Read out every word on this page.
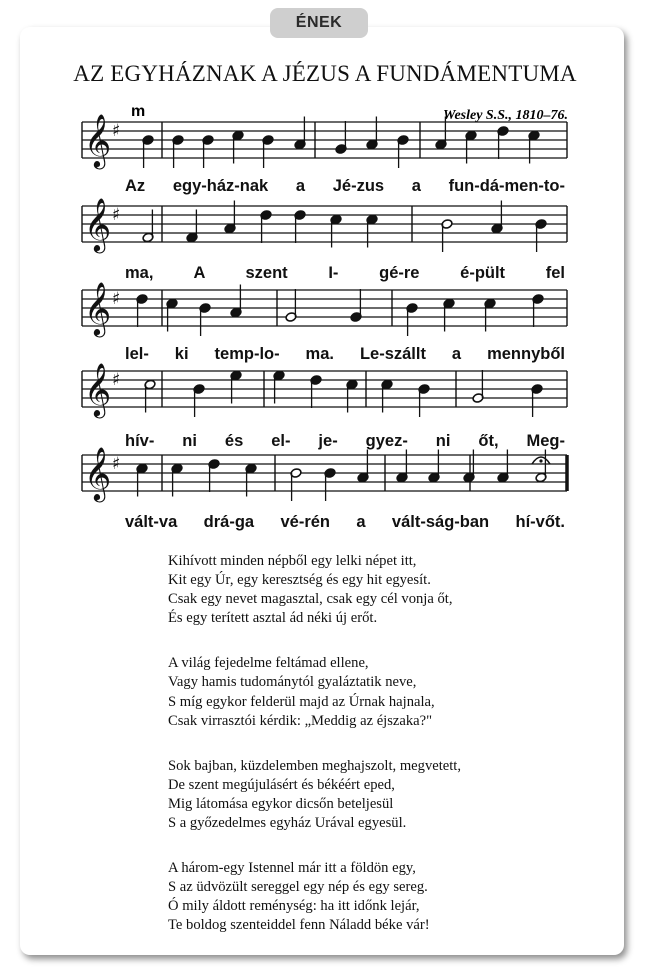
ÉNEK
AZ EGYHÁZNAK A JÉZUS A FUNDÁMENTUMA
m	Wesley S.S., 1810–76.
𝄞 ♯
𝄞 ♯
𝄞 ♯
𝄞 ♯
𝄞 ♯
Az egy-ház-nak a Jé-zus a fun-dá-men-to-
ma, A szent I- gé-re é-pült fel
lel- ki temp-lo- ma. Le-szállt a mennyből
hív- ni és el- je- gyez- ni őt, Meg-
vált-va drá-ga vé-rén a vált-ság-ban hí-vőt.
Kihívott minden népből egy lelki népet itt,
Kit egy Úr, egy keresztség és egy hit egyesít.
Csak egy nevet magasztal, csak egy cél vonja őt,
És egy terített asztal ád néki új erőt.
A világ fejedelme feltámad ellene,
Vagy hamis tudománytól gyaláztatik neve,
S míg egykor felderül majd az Úrnak hajnala,
Csak virrasztói kérdik: „Meddig az éjszaka?"
Sok bajban, küzdelemben meghajszolt, megvetett,
De szent megújulásért és békéért eped,
Mig látomása egykor dicsőn beteljesül
S a győzedelmes egyház Urával egyesül.
A három-egy Istennel már itt a földön egy,
S az üdvözült sereggel egy nép és egy sereg.
Ó mily áldott reménység: ha itt időnk lejár,
Te boldog szenteiddel fenn Náladd béke vár!
